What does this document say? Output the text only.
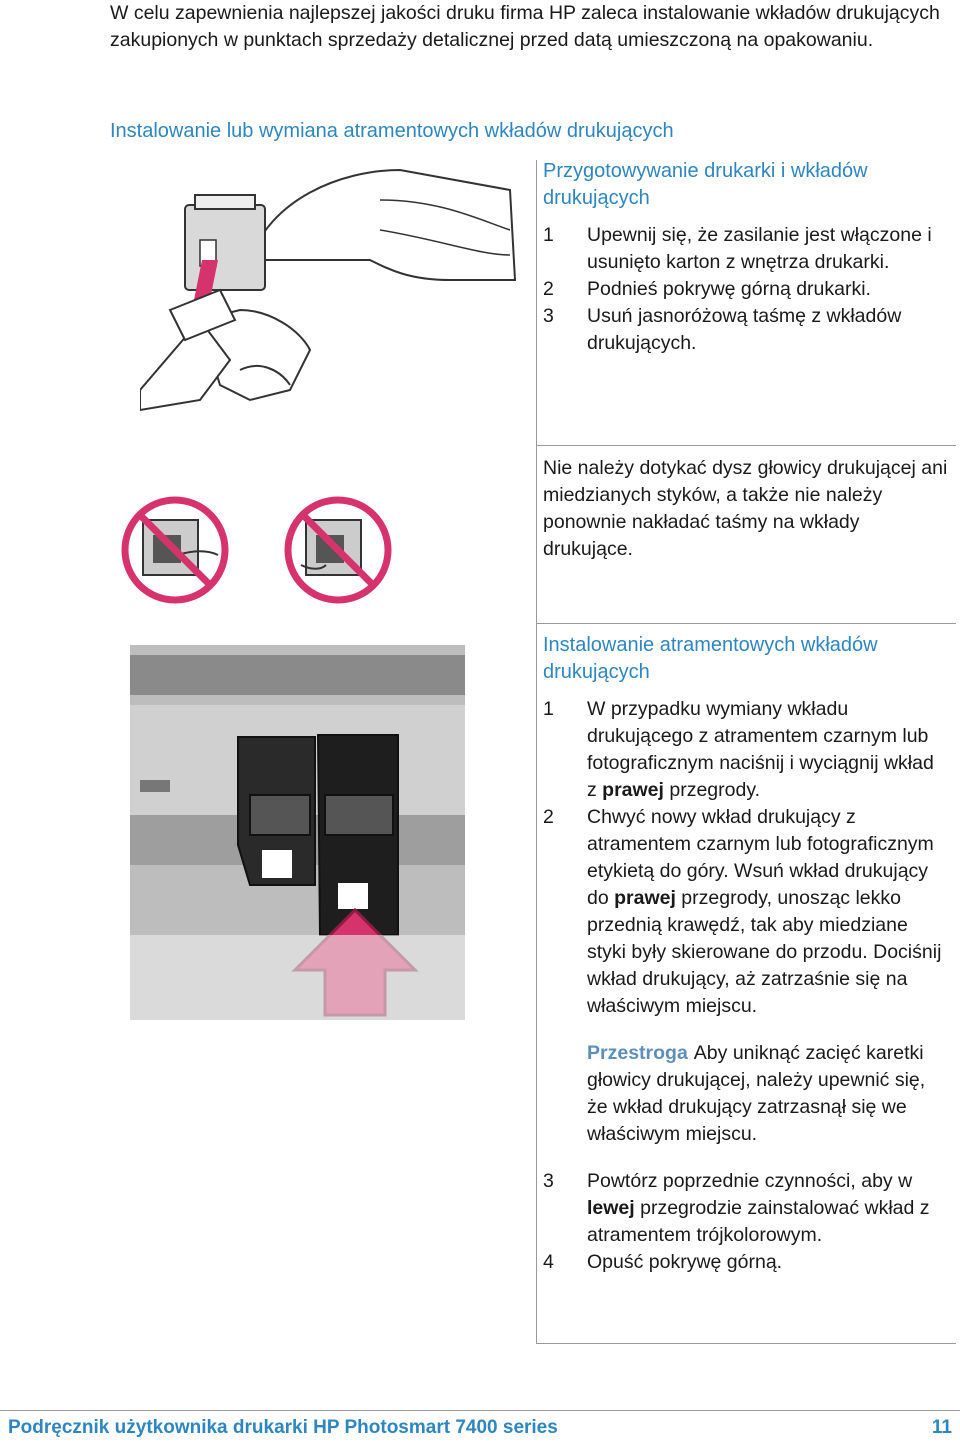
W celu zapewnienia najlepszej jakości druku firma HP zaleca instalowanie wkładów drukujących zakupionych w punktach sprzedaży detalicznej przed datą umieszczoną na opakowaniu.

Instalowanie lub wymiana atramentowych wkładów drukujących
Przygotowywanie drukarki i wkładów drukujących
1 Upewnij się, że zasilanie jest włączone i usunięto karton z wnętrza drukarki.
2 Podnieś pokrywę górną drukarki.
3 Usuń jasnoróżową taśmę z wkładów drukujących.

Nie należy dotykać dysz głowicy drukującej ani miedzianych styków, a także nie należy ponownie nakładać taśmy na wkłady drukujące.

Instalowanie atramentowych wkładów drukujących
1 W przypadku wymiany wkładu drukującego z atramentem czarnym lub fotograficznym naciśnij i wyciągnij wkład z prawej przegrody.
2 Chwyć nowy wkład drukujący z atramentem czarnym lub fotograficznym etykietą do góry. Wsuń wkład drukujący do prawej przegrody, unosząc lekko przednią krawędź, tak aby miedziane styki były skierowane do przodu. Dociśnij wkład drukujący, aż zatrzaśnie się na właściwym miejscu.

Przestroga Aby uniknąć zacięć karetki głowicy drukującej, należy upewnić się, że wkład drukujący zatrzasnął się we właściwym miejscu.

3 Powtórz poprzednie czynności, aby w lewej przegrodzie zainstalować wkład z atramentem trójkolorowym.
4 Opuść pokrywę górną.
Podręcznik użytkownika drukarki HP Photosmart 7400 series	11
